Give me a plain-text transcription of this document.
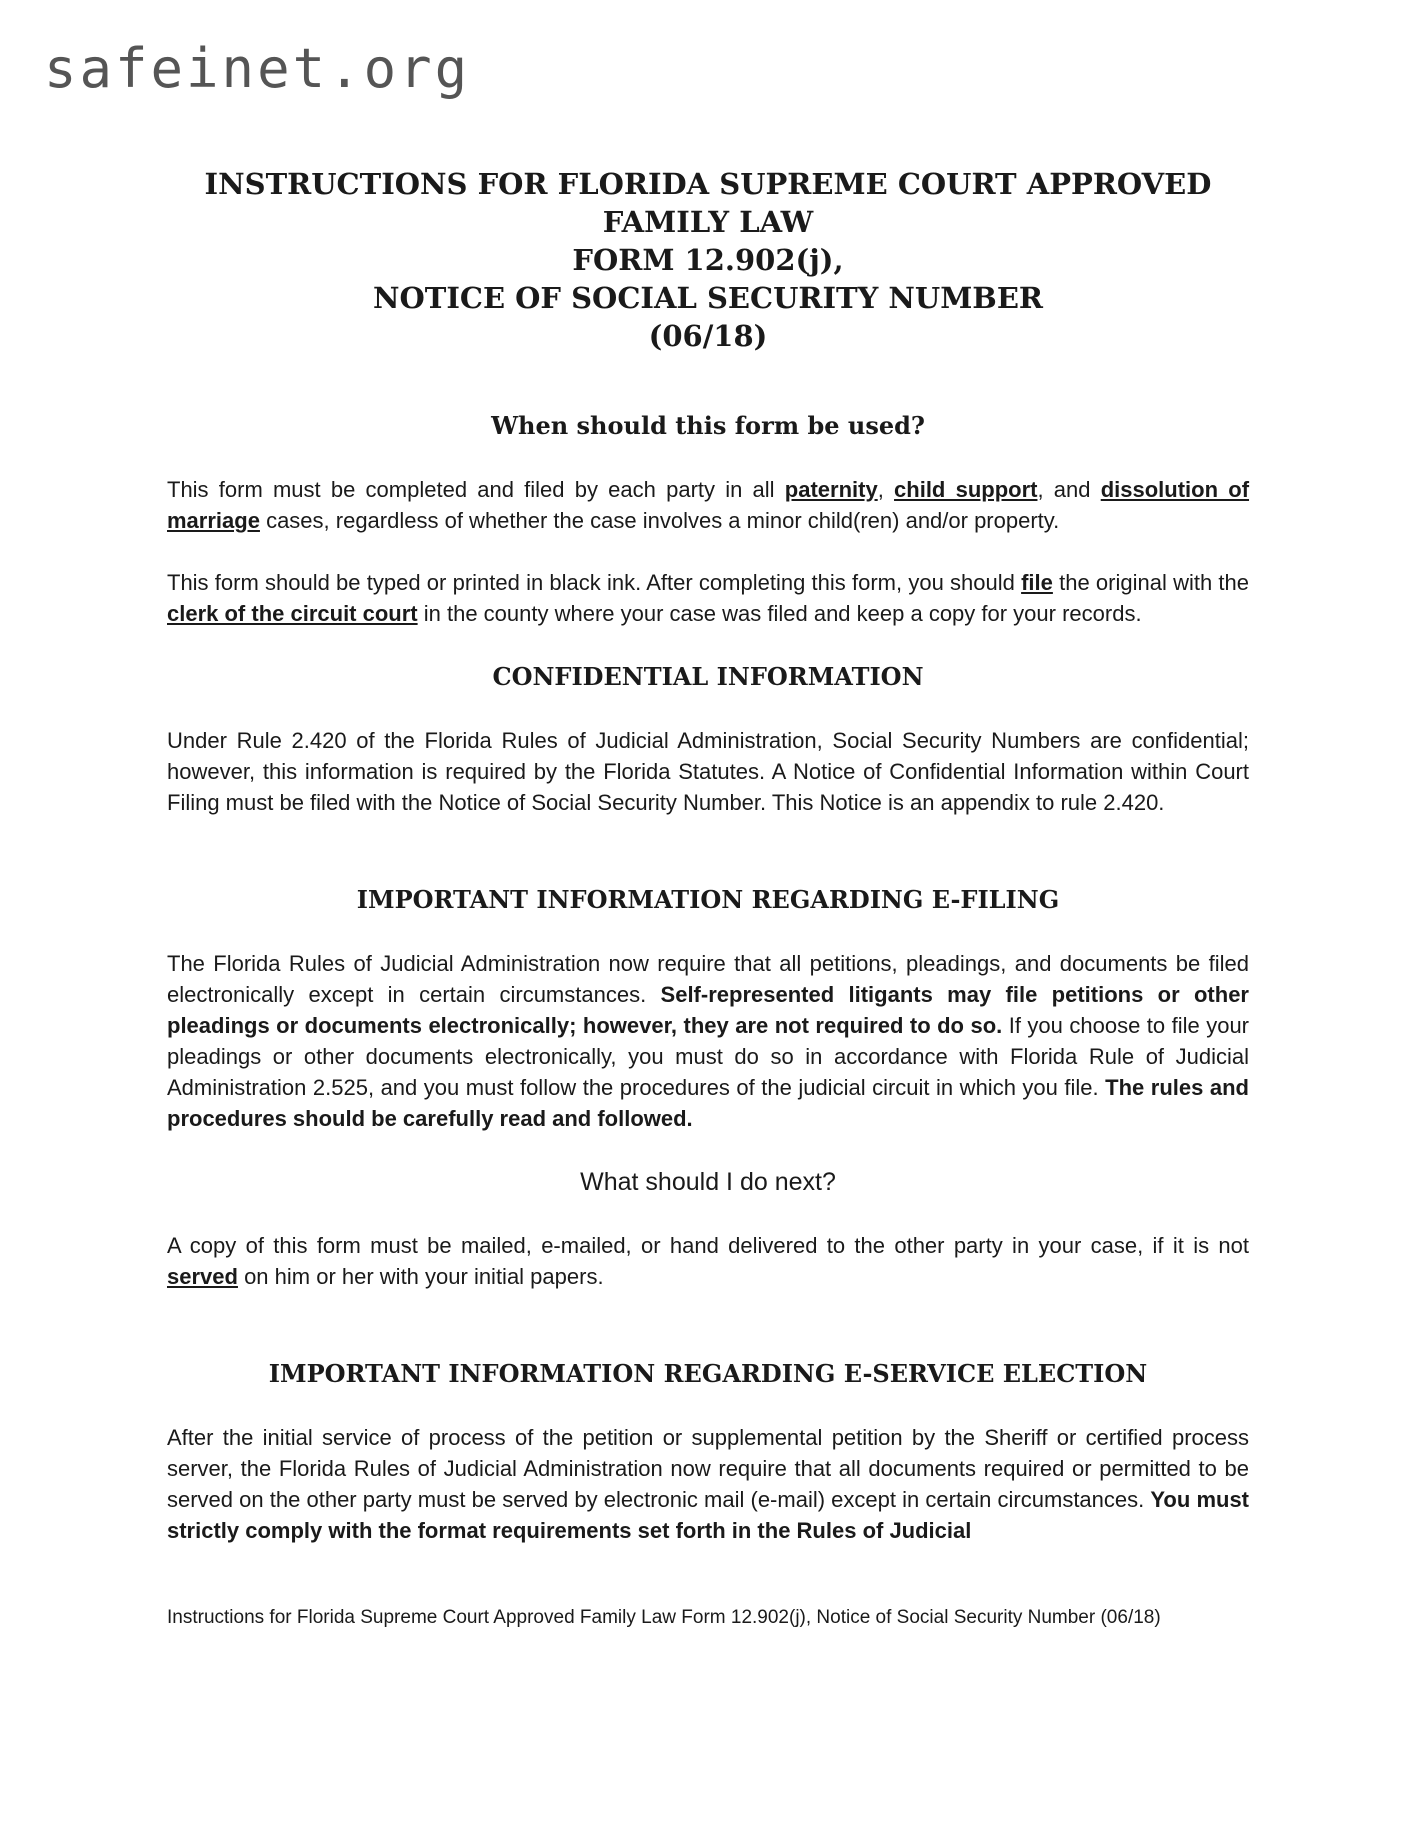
safeinet.org
INSTRUCTIONS FOR FLORIDA SUPREME COURT APPROVED FAMILY LAW
FORM 12.902(j),
NOTICE OF SOCIAL SECURITY NUMBER
(06/18)
When should this form be used?

This form must be completed and filed by each party in all paternity, child support, and dissolution of marriage cases, regardless of whether the case involves a minor child(ren) and/or property.

This form should be typed or printed in black ink. After completing this form, you should file the original with the clerk of the circuit court in the county where your case was filed and keep a copy for your records.

CONFIDENTIAL INFORMATION

Under Rule 2.420 of the Florida Rules of Judicial Administration, Social Security Numbers are confidential; however, this information is required by the Florida Statutes. A Notice of Confidential Information within Court Filing must be filed with the Notice of Social Security Number. This Notice is an appendix to rule 2.420.

IMPORTANT INFORMATION REGARDING E-FILING

The Florida Rules of Judicial Administration now require that all petitions, pleadings, and documents be filed electronically except in certain circumstances. Self-represented litigants may file petitions or other pleadings or documents electronically; however, they are not required to do so. If you choose to file your pleadings or other documents electronically, you must do so in accordance with Florida Rule of Judicial Administration 2.525, and you must follow the procedures of the judicial circuit in which you file. The rules and procedures should be carefully read and followed.

What should I do next?

A copy of this form must be mailed, e-mailed, or hand delivered to the other party in your case, if it is not served on him or her with your initial papers.

IMPORTANT INFORMATION REGARDING E-SERVICE ELECTION

After the initial service of process of the petition or supplemental petition by the Sheriff or certified process server, the Florida Rules of Judicial Administration now require that all documents required or permitted to be served on the other party must be served by electronic mail (e-mail) except in certain circumstances. You must strictly comply with the format requirements set forth in the Rules of Judicial

Instructions for Florida Supreme Court Approved Family Law Form 12.902(j), Notice of Social Security Number (06/18)
